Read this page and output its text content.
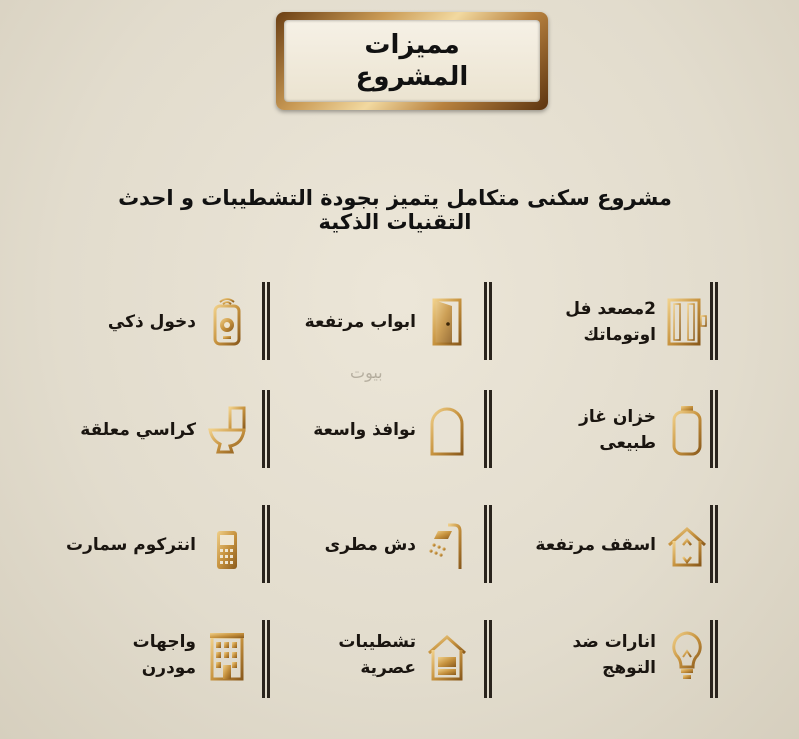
مميزات
المشروع
مشروع سكنى متكامل يتميز بجودة التشطيبات و احدث التقنيات الذكية
بيوت
2مصعد فل
اوتوماتك
ابواب مرتفعة
دخول ذكي
خزان غاز
طبيعى
نوافذ واسعة
كراسي معلقة
اسقف مرتفعة
دش مطرى
انتركوم سمارت
انارات ضد
التوهج
تشطيبات
عصرية
واجهات
مودرن
